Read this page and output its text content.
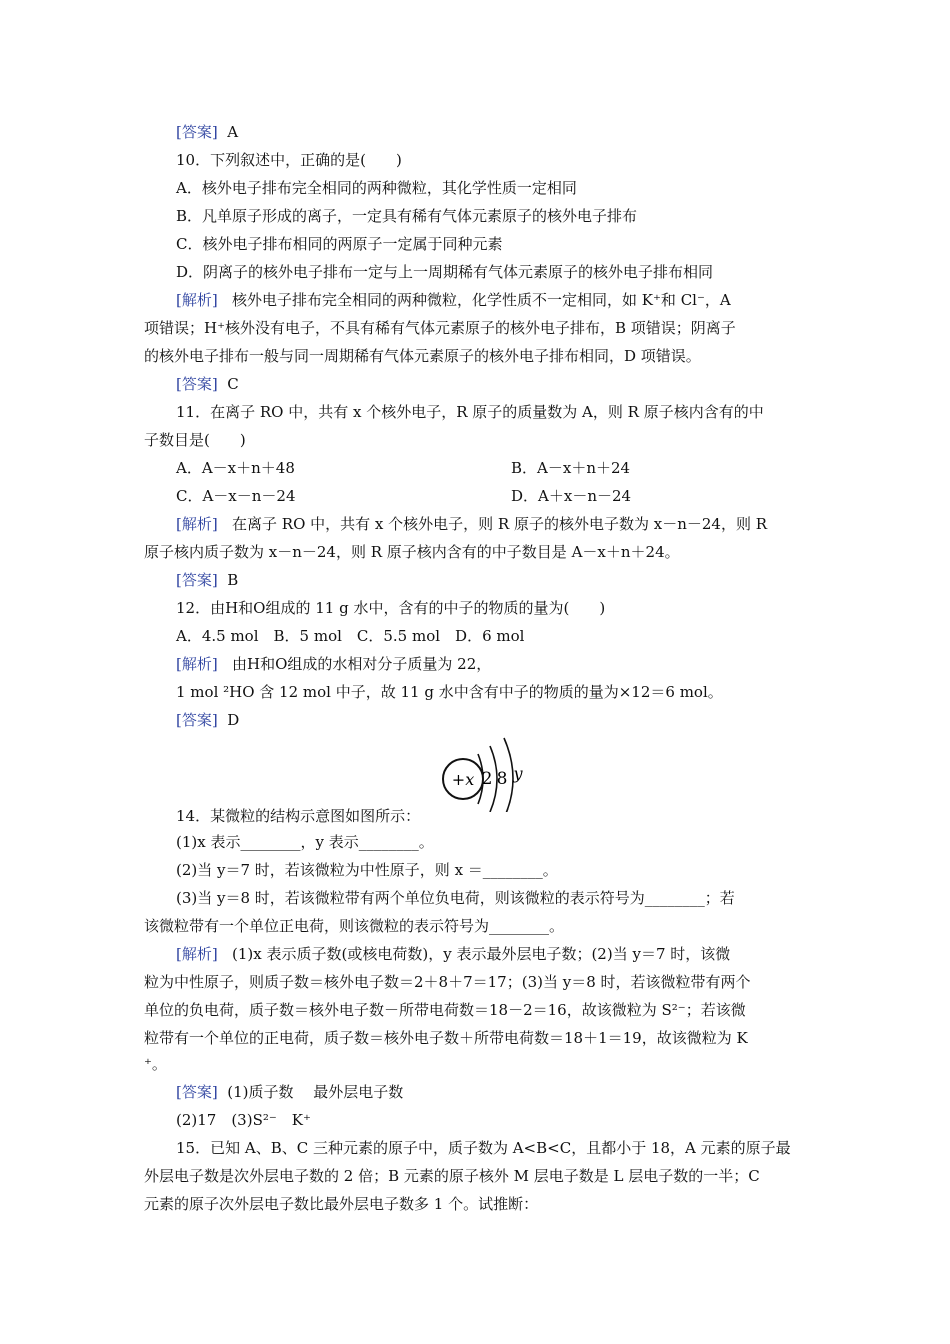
[答案] A
10．下列叙述中，正确的是(　　)
A．核外电子排布完全相同的两种微粒，其化学性质一定相同
B．凡单原子形成的离子，一定具有稀有气体元素原子的核外电子排布
C．核外电子排布相同的两原子一定属于同种元素
D．阴离子的核外电子排布一定与上一周期稀有气体元素原子的核外电子排布相同
[解析] 核外电子排布完全相同的两种微粒，化学性质不一定相同，如 K⁺和 Cl⁻，A
项错误；H⁺核外没有电子，不具有稀有气体元素原子的核外电子排布，B 项错误；阴离子
的核外电子排布一般与同一周期稀有气体元素原子的核外电子排布相同，D 项错误。
[答案] C
11．在离子 RO 中，共有 x 个核外电子，R 原子的质量数为 A，则 R 原子核内含有的中
子数目是(　　)
A．A－x＋n＋48	B．A－x＋n＋24
C．A－x－n－24	D．A＋x－n－24
[解析] 在离子 RO 中，共有 x 个核外电子，则 R 原子的核外电子数为 x－n－24，则 R
原子核内质子数为 x－n－24，则 R 原子核内含有的中子数目是 A－x＋n＋24。
[答案] B
12．由H和O组成的 11 g 水中，含有的中子的物质的量为(　　)
A．4.5 mol　B．5 mol　C．5.5 mol　D．6 mol
[解析] 由H和O组成的水相对分子质量为 22，
1 mol ²HO 含 12 mol 中子，故 11 g 水中含有中子的物质的量为×12＝6 mol。
[答案] D
+x 2 8 y
14．某微粒的结构示意图如图所示：
(1)x 表示________，y 表示________。
(2)当 y＝7 时，若该微粒为中性原子，则 x ＝________。
(3)当 y＝8 时，若该微粒带有两个单位负电荷，则该微粒的表示符号为________；若
该微粒带有一个单位正电荷，则该微粒的表示符号为________。
[解析] (1)x 表示质子数(或核电荷数)，y 表示最外层电子数；(2)当 y＝7 时，该微
粒为中性原子，则质子数＝核外电子数＝2＋8＋7＝17；(3)当 y＝8 时，若该微粒带有两个
单位的负电荷，质子数＝核外电子数－所带电荷数＝18－2＝16，故该微粒为 S²⁻；若该微
粒带有一个单位的正电荷，质子数＝核外电子数＋所带电荷数＝18＋1＝19，故该微粒为 K
⁺。
[答案] (1)质子数　 最外层电子数
(2)17　(3)S²⁻　K⁺
15．已知 A、B、C 三种元素的原子中，质子数为 A<B<C，且都小于 18，A 元素的原子最
外层电子数是次外层电子数的 2 倍；B 元素的原子核外 M 层电子数是 L 层电子数的一半；C
元素的原子次外层电子数比最外层电子数多 1 个。试推断：
